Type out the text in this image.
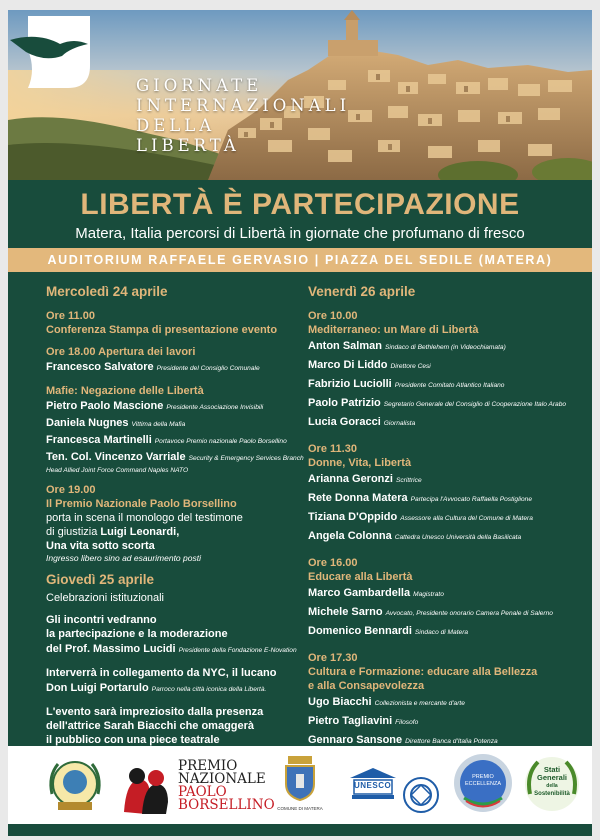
GIORNATE
INTERNAZIONALI
DELLA
LIBERTÀ
LIBERTÀ È PARTECIPAZIONE
Matera, Italia percorsi di Libertà in giornate che profumano di fresco
AUDITORIUM RAFFAELE GERVASIO | PIAZZA DEL SEDILE (MATERA)
Mercoledì 24 aprile
Ore 11.00
Conferenza Stampa di presentazione evento
Ore 18.00 Apertura dei lavori
Francesco Salvatore Presidente del Consiglio Comunale
Mafie: Negazione delle Libertà
Pietro Paolo Mascione Presidente Associazione Invisibili
Daniela Nugnes Vittima della Mafia
Francesca Martinelli Portavoce Premio nazionale Paolo Borsellino
Ten. Col. Vincenzo Varriale Security & Emergency Services Branch
Head Allied Joint Force Command Naples NATO
Ore 19.00
Il Premio Nazionale Paolo Borsellino
porta in scena il monologo del testimone
di giustizia Luigi Leonardi,
Una vita sotto scorta
Ingresso libero sino ad esaurimento posti
Giovedì 25 aprile
Celebrazioni istituzionali
Gli incontri vedranno
la partecipazione e la moderazione
del Prof. Massimo Lucidi Presidente della Fondazione E-Novation
Interverrà in collegamento da NYC, il lucano
Don Luigi Portarulo Parroco nella città iconica della Libertà.
L'evento sarà impreziosito dalla presenza
dell'attrice Sarah Biacchi che omaggerà
il pubblico con una piece teatrale
Venerdì 26 aprile
Ore 10.00
Mediterraneo: un Mare di Libertà
Anton Salman Sindaco di Bethlehem (in Videochiamata)
Marco Di Liddo Direttore Cesi
Fabrizio Luciolli Presidente Comitato Atlantico Italiano
Paolo Patrizio Segretario Generale del Consiglio di Cooperazione Italo Arabo
Lucia Goracci Giornalista
Ore 11.30
Donne, Vita, Libertà
Arianna Geronzi Scrittrice
Rete Donna Matera Partecipa l'Avvocato Raffaella Postiglione
Tiziana D'Oppido Assessore alla Cultura del Comune di Matera
Angela Colonna Cattedra Unesco Università della Basilicata
Ore 16.00
Educare alla Libertà
Marco Gambardella Magistrato
Michele Sarno Avvocato, Presidente onorario Camera Penale di Salerno
Domenico Bennardi Sindaco di Matera
Ore 17.30
Cultura e Formazione: educare alla Bellezza
e alla Consapevolezza
Ugo Biacchi Collezionista e mercante d'arte
Pietro Tagliavini Filosofo
Gennaro Sansone Direttore Banca d'Italia Potenza
PREMIO
NAZIONALE
PAOLO
BORSELLINO COMUNE DI MATERA
UNESCO
PREMIO
ECCELLENZA
Stati
Generali
della
Sostenibilità
